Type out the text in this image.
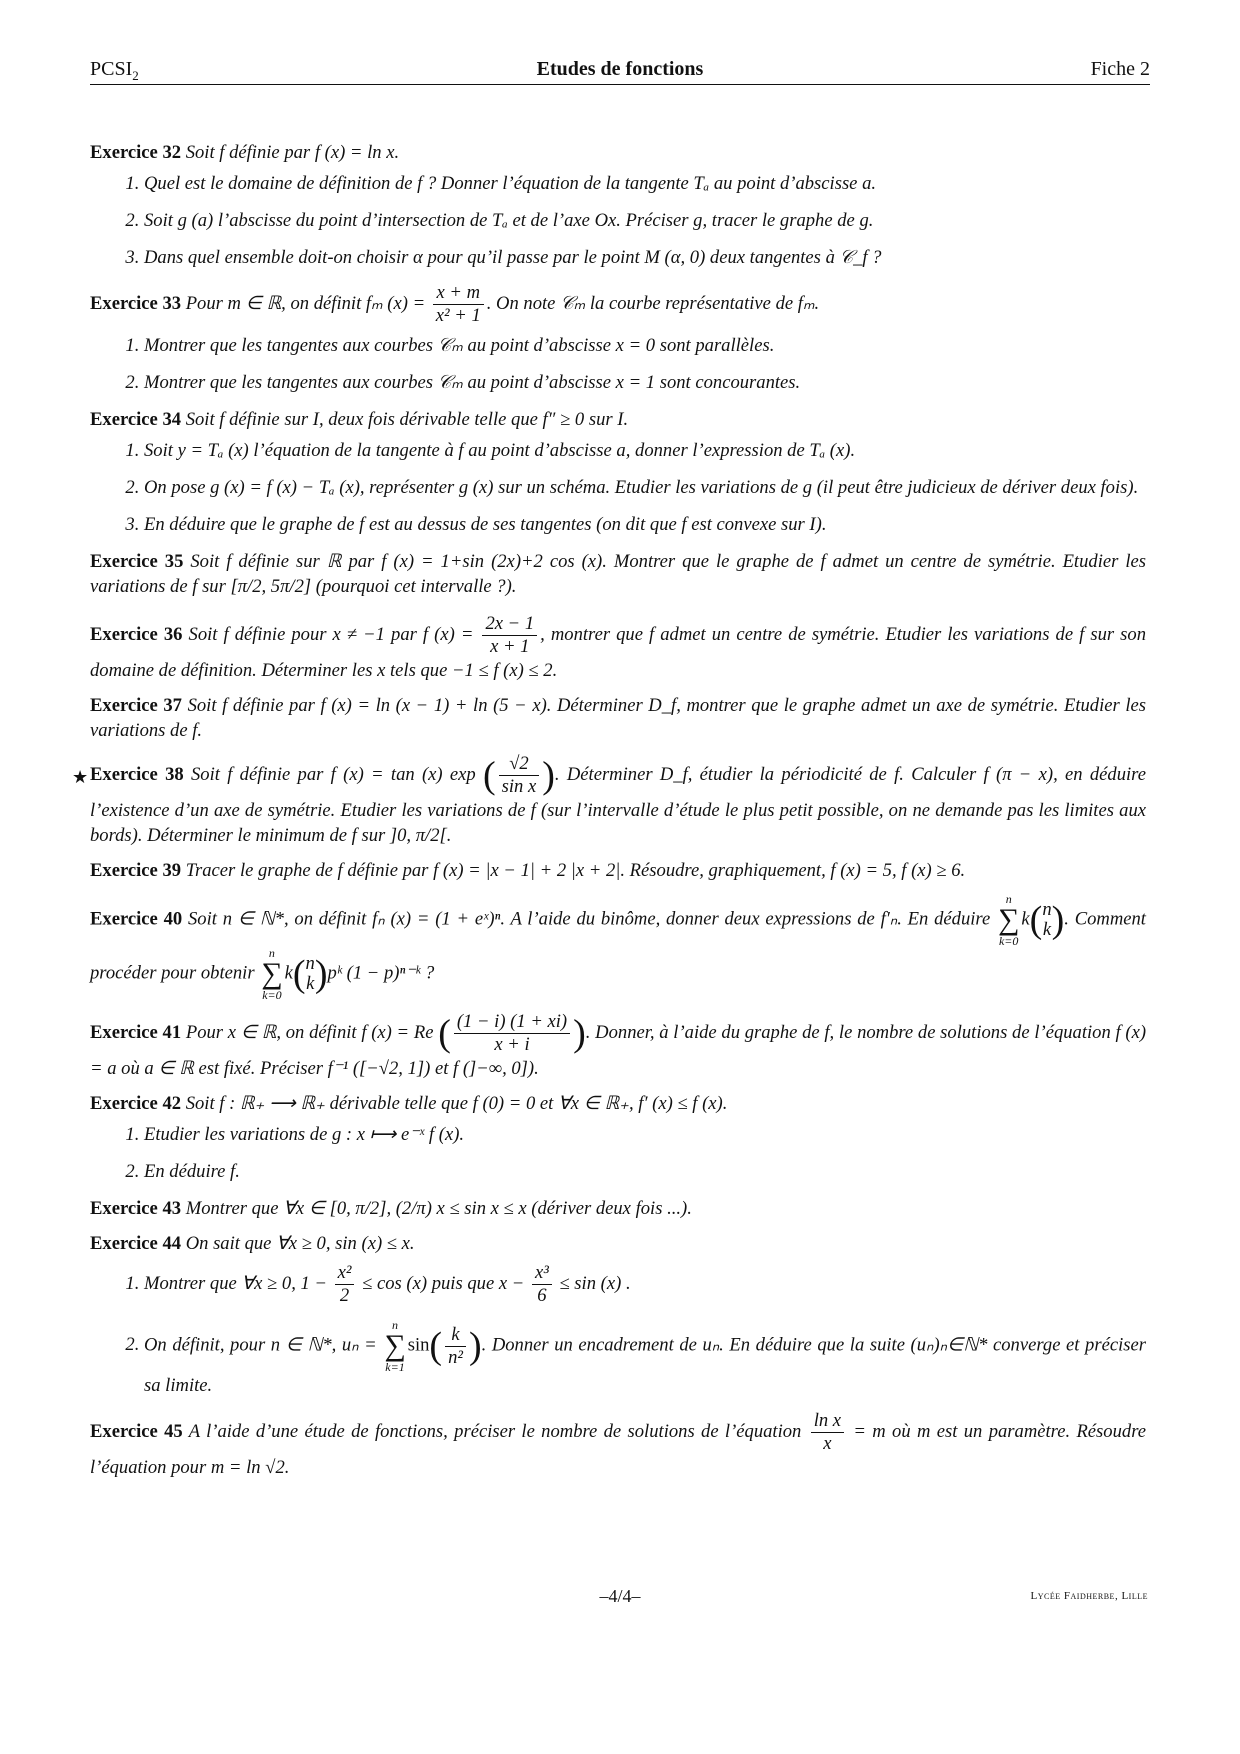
$PCSI_2$	Etudes de fonctions	Fiche 2
Exercice 32 Soit f définie par f (x) = ln x.
1. Quel est le domaine de définition de f ? Donner l’équation de la tangente Tₐ au point d’abscisse a.
2. Soit g (a) l’abscisse du point d’intersection de Tₐ et de l’axe Ox. Préciser g, tracer le graphe de g.
3. Dans quel ensemble doit-on choisir α pour qu’il passe par le point M (α, 0) deux tangentes à 𝒞_f ?
Exercice 33 Pour m ∈ ℝ, on définit fₘ $(x) = \frac{x + m}{\text{x² + 1}}$ . On note 𝒞ₘ la courbe représentative de fₘ.
1. Montrer que les tangentes aux courbes 𝒞ₘ au point d’abscisse x = 0 sont parallèles.
2. Montrer que les tangentes aux courbes 𝒞ₘ au point d’abscisse x = 1 sont concourantes.
Exercice 34 Soit f définie sur I, deux fois dérivable telle que f″ ≥ 0 sur I.
1. Soit y = Tₐ (x) l’équation de la tangente à f au point d’abscisse a, donner l’expression de Tₐ (x).
2. On pose g (x) = f (x) − Tₐ (x), représenter g (x) sur un schéma. Etudier les variations de g (il peut être judicieux de dériver deux fois).
3. En déduire que le graphe de f est au dessus de ses tangentes (on dit que f est convexe sur I).
Exercice 35 Soit f définie sur ℝ par f (x) = 1+sin (2x)+2 cos (x). Montrer que le graphe de f admet un centre de symétrie. Etudier les variations de f sur [π/2, 5π/2] (pourquoi cet intervalle ?).
Exercice 36 Soit f définie pour x ≠ −1 par f $(x) = \frac{2x - 1}{x + 1}$ , montrer que f admet un centre de symétrie. Etudier les variations de f sur son domaine de définition. Déterminer les x tels que −1 ≤ f (x) ≤ 2.
Exercice 37 Soit f définie par f (x) = ln (x − 1) + ln (5 − x). Déterminer D_f, montrer que le graphe admet un axe de symétrie. Etudier les variations de f.
★ Exercice 38 Soit f définie par f (x) = tan (x) exp ( $\frac{√2}{\text{sin x}}$ ). Déterminer D_f, étudier la périodicité de f. Calculer f (π − x), en déduire l’existence d’un axe de symétrie. Etudier les variations de f (sur l’intervalle d’étude le plus petit possible, on ne demande pas les limites aux bords). Déterminer le minimum de f sur ]0, π/2[.
Exercice 39 Tracer le graphe de f définie par f (x) = |x − 1| + 2 |x + 2|. Résoudre, graphiquement, f (x) = 5, f (x) ≥ 6.
Exercice 40 Soit n ∈ ℕ*, on définit fₙ (x) = (1 + eˣ)ⁿ. A l’aide du binôme, donner deux expressions de f′ₙ. En déduire n
∑
k=0k(n
k). Comment procéder pour obtenir n
∑
k=0k(n
k)pᵏ (1 − p)ⁿ⁻ᵏ ?
Exercice 41 Pour x ∈ ℝ, on définit f (x) = Re ( $\frac{(1 - i) (1 + xi)}{x + i}$ ). Donner, à l’aide du graphe de f, le nombre de solutions de l’équation f (x) = a où a ∈ ℝ est fixé. Préciser f⁻¹ ([−√2, 1]) et f (]−∞, 0]).
Exercice 42 Soit f : ℝ₊ ⟶ ℝ₊ dérivable telle que f (0) = 0 et ∀x ∈ ℝ₊, f′ (x) ≤ f (x).
1. Etudier les variations de g : x ⟼ e⁻ˣ f (x).
2. En déduire f.
Exercice 43 Montrer que ∀x ∈ [0, π/2], (2/π) x ≤ sin x ≤ x (dériver deux fois ...).
Exercice 44 On sait que ∀x ≥ 0, sin (x) ≤ x.
1. Montrer que ∀x ≥ 0, $1 - \frac{\text{x²}}{2} \le \cos (x)$ puis que $x - \frac{\text{x³}}{6} \le \sin (x)$ .
2. On définit, pour n ∈ ℕ*, uₙ = n
∑
$k=1\sin( \frac{k}{\text{n²}}$ ). Donner un encadrement de uₙ. En déduire que la suite (uₙ)ₙ∈ℕ* converge et préciser sa limite.
Exercice 45 A l’aide d’une étude de fonctions, préciser le nombre de solutions de l’équation $\frac{\text{ln x}}{x} = m$ où m est un paramètre. Résoudre l’équation pour m = ln √2.
–4/4–	Lycée Faidherbe, Lille
